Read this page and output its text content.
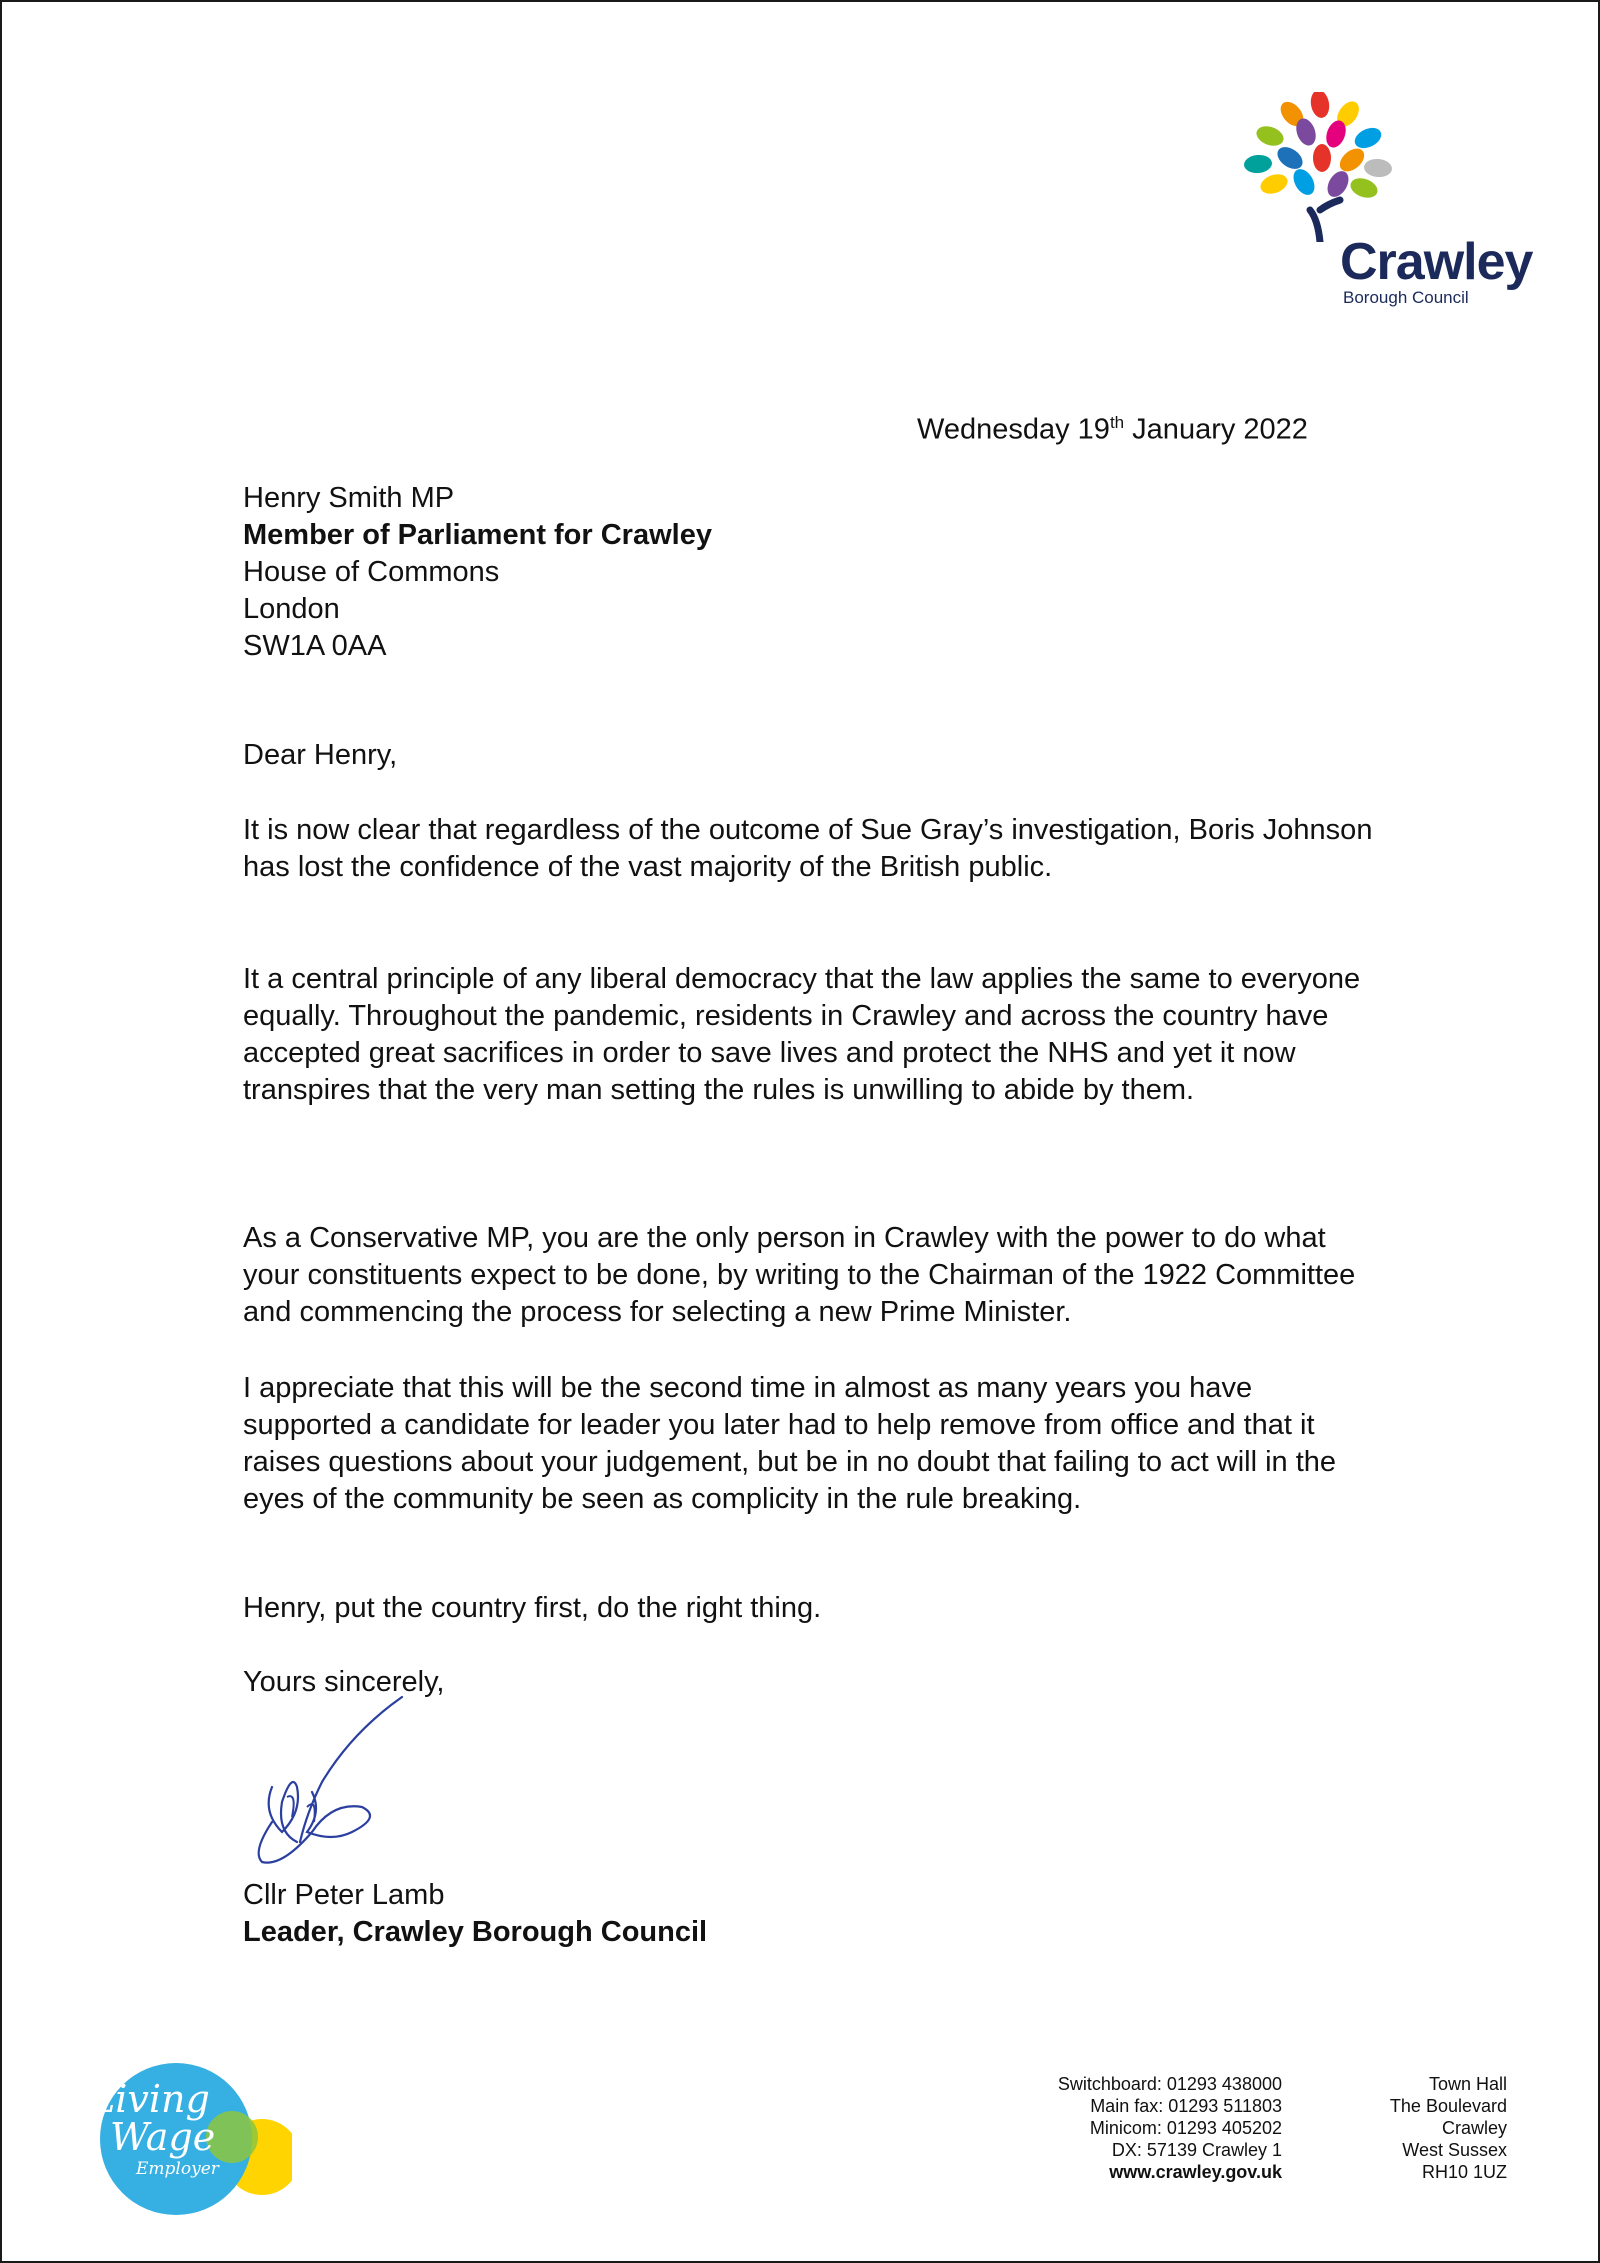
Crawley
Borough Council
Wednesday 19th January 2022
Henry Smith MP
Member of Parliament for Crawley
House of Commons
London
SW1A 0AA
Dear Henry,
It is now clear that regardless of the outcome of Sue Gray’s investigation, Boris Johnson has lost the confidence of the vast majority of the British public.
It a central principle of any liberal democracy that the law applies the same to everyone equally. Throughout the pandemic, residents in Crawley and across the country have accepted great sacrifices in order to save lives and protect the NHS and yet it now transpires that the very man setting the rules is unwilling to abide by them.
As a Conservative MP, you are the only person in Crawley with the power to do what your constituents expect to be done, by writing to the Chairman of the 1922 Committee and commencing the process for selecting a new Prime Minister.
I appreciate that this will be the second time in almost as many years you have supported a candidate for leader you later had to help remove from office and that it raises questions about your judgement, but be in no doubt that failing to act will in the eyes of the community be seen as complicity in the rule breaking.
Henry, put the country first, do the right thing.
Yours sincerely,
Cllr Peter Lamb
Leader, Crawley Borough Council
Living
Wage
Employer
Switchboard: 01293 438000
Main fax: 01293 511803
Minicom: 01293 405202
DX: 57139 Crawley 1
www.crawley.gov.uk
Town Hall
The Boulevard
Crawley
West Sussex
RH10 1UZ
